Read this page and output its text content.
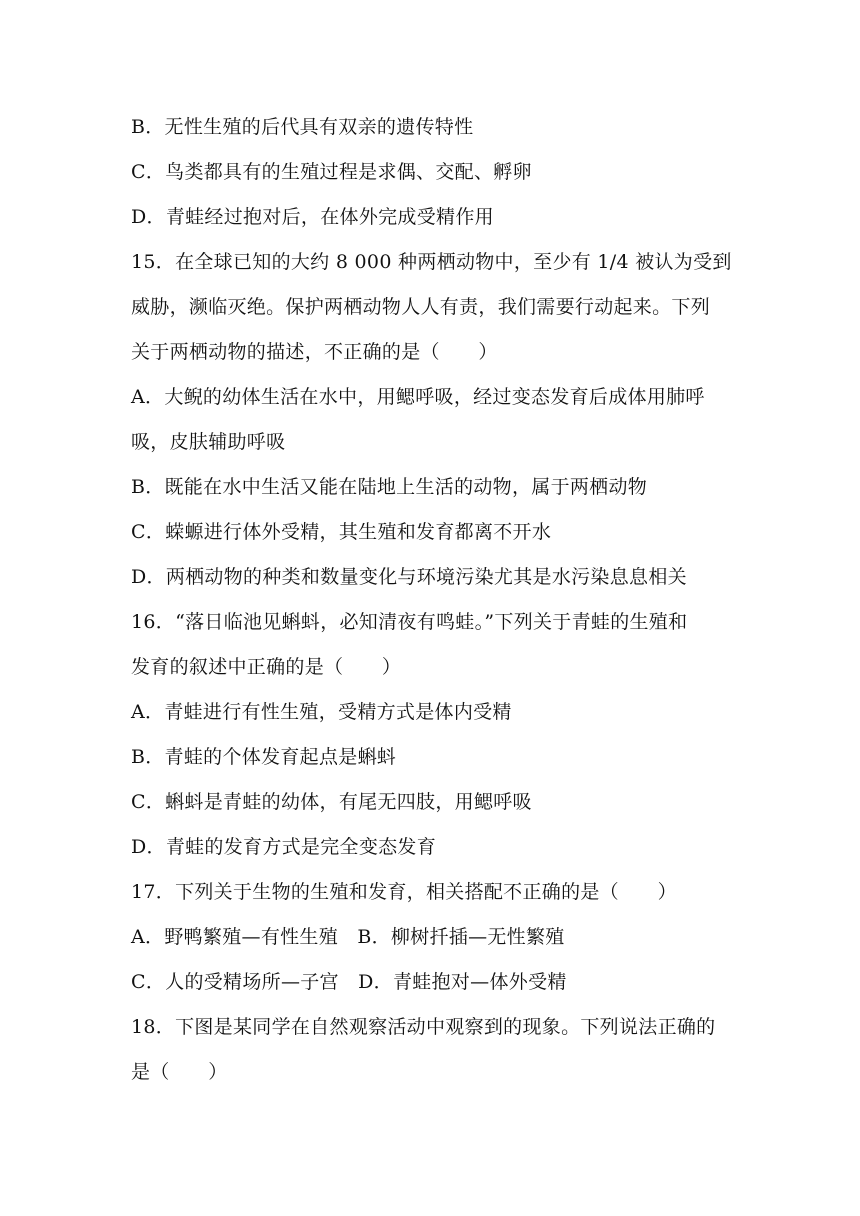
B．无性生殖的后代具有双亲的遗传特性
C．鸟类都具有的生殖过程是求偶、交配、孵卵
D．青蛙经过抱对后，在体外完成受精作用
15．在全球已知的大约 8 000 种两栖动物中，至少有 1/4 被认为受到
威胁，濒临灭绝。保护两栖动物人人有责，我们需要行动起来。下列
关于两栖动物的描述，不正确的是（　　）
A．大鲵的幼体生活在水中，用鳃呼吸，经过变态发育后成体用肺呼
吸，皮肤辅助呼吸
B．既能在水中生活又能在陆地上生活的动物，属于两栖动物
C．蝾螈进行体外受精，其生殖和发育都离不开水
D．两栖动物的种类和数量变化与环境污染尤其是水污染息息相关
16．“落日临池见蝌蚪，必知清夜有鸣蛙。”下列关于青蛙的生殖和
发育的叙述中正确的是（　　）
A．青蛙进行有性生殖，受精方式是体内受精
B．青蛙的个体发育起点是蝌蚪
C．蝌蚪是青蛙的幼体，有尾无四肢，用鳃呼吸
D．青蛙的发育方式是完全变态发育
17．下列关于生物的生殖和发育，相关搭配不正确的是（　　）
A．野鸭繁殖—有性生殖　B．柳树扦插—无性繁殖
C．人的受精场所—子宫　D．青蛙抱对—体外受精
18．下图是某同学在自然观察活动中观察到的现象。下列说法正确的
是（　　）
